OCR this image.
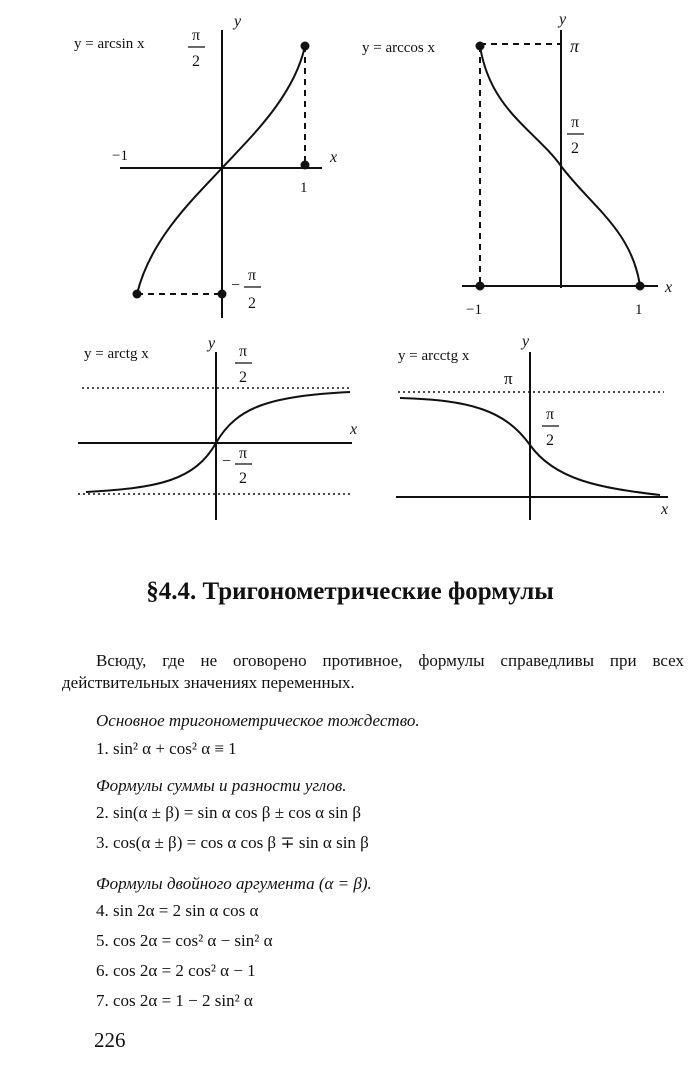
y = arcsin x
y
x
π
2
−1
1
−
π
2
y = arccos x
y
x
π
π
2
−1	1
y = arctg x
y
x
π
2
− π
2
y = arcctg x
y
x
π
π
2
§4.4. Тригонометрические формулы
Всюду, где не оговорено противное, формулы справедливы при всех действительных значениях переменных.
Основное тригонометрическое тождество.
1. sin² α + cos² α ≡ 1
Формулы суммы и разности углов.
2. sin(α ± β) = sin α cos β ± cos α sin β
3. cos(α ± β) = cos α cos β ∓ sin α sin β
Формулы двойного аргумента (α = β).
4. sin 2α = 2 sin α cos α
5. cos 2α = cos² α − sin² α
6. cos 2α = 2 cos² α − 1
7. cos 2α = 1 − 2 sin² α
226
